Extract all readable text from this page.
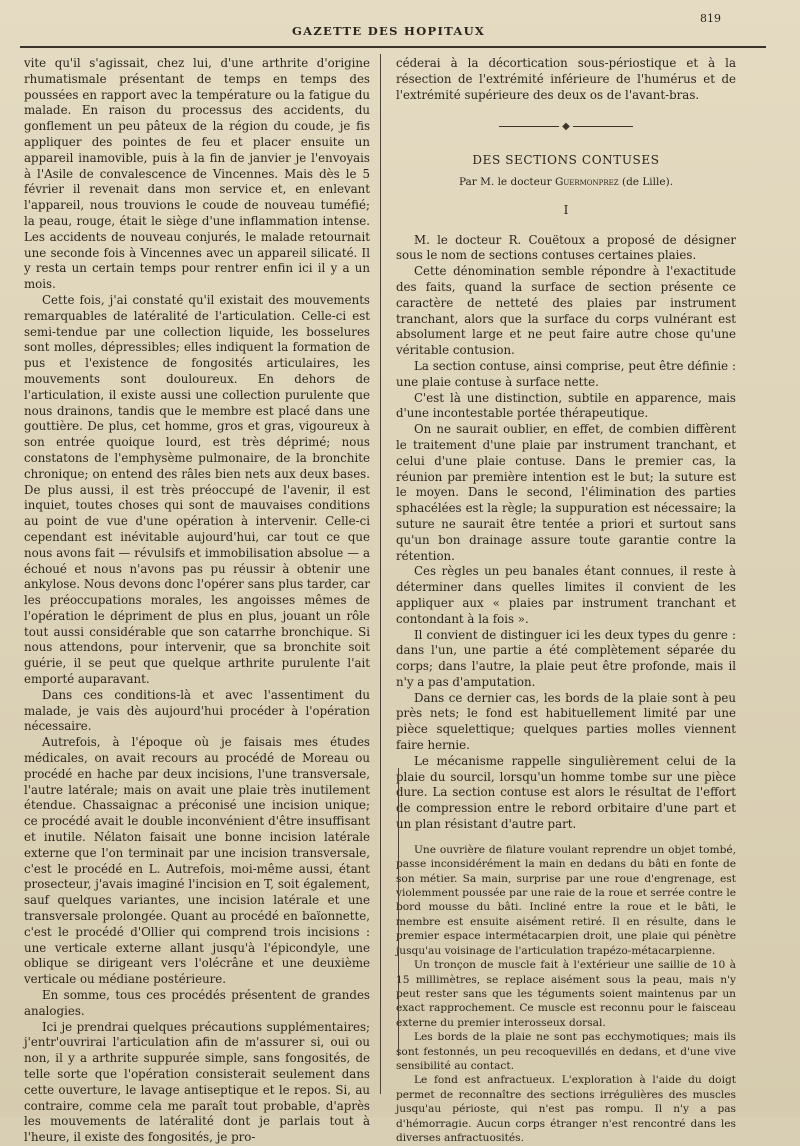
GAZETTE DES HOPITAUX
819

vite qu'il s'agissait, chez lui, d'une arthrite d'origine rhumatismale présentant de temps en temps des poussées en rapport avec la température ou la fatigue du malade. En raison du processus des accidents, du gonflement un peu pâteux de la région du coude, je fis appliquer des pointes de feu et placer ensuite un appareil inamovible, puis à la fin de janvier je l'envoyais à l'Asile de convalescence de Vincennes. Mais dès le 5 février il revenait dans mon service et, en enlevant l'appareil, nous trouvions le coude de nouveau tuméfié; la peau, rouge, était le siège d'une inflammation intense. Les accidents de nouveau conjurés, le malade retournait une seconde fois à Vincennes avec un appareil silicaté. Il y resta un certain temps pour rentrer enfin ici il y a un mois.

Cette fois, j'ai constaté qu'il existait des mouvements remarquables de latéralité de l'articulation. Celle-ci est semi-tendue par une collection liquide, les bosselures sont molles, dépressibles; elles indiquent la formation de pus et l'existence de fongosités articulaires, les mouvements sont douloureux. En dehors de l'articulation, il existe aussi une collection purulente que nous drainons, tandis que le membre est placé dans une gouttière. De plus, cet homme, gros et gras, vigoureux à son entrée quoique lourd, est très déprimé; nous constatons de l'emphysème pulmonaire, de la bronchite chronique; on entend des râles bien nets aux deux bases. De plus aussi, il est très préoccupé de l'avenir, il est inquiet, toutes choses qui sont de mauvaises conditions au point de vue d'une opération à intervenir. Celle-ci cependant est inévitable aujourd'hui, car tout ce que nous avons fait — révulsifs et immobilisation absolue — a échoué et nous n'avons pas pu réussir à obtenir une ankylose. Nous devons donc l'opérer sans plus tarder, car les préoccupations morales, les angoisses mêmes de l'opération le dépriment de plus en plus, jouant un rôle tout aussi considérable que son catarrhe bronchique. Si nous attendons, pour intervenir, que sa bronchite soit guérie, il se peut que quelque arthrite purulente l'ait emporté auparavant.

Dans ces conditions-là et avec l'assentiment du malade, je vais dès aujourd'hui procéder à l'opération nécessaire.

Autrefois, à l'époque où je faisais mes études médicales, on avait recours au procédé de Moreau ou procédé en hache par deux incisions, l'une transversale, l'autre latérale; mais on avait une plaie très inutilement étendue. Chassaignac a préconisé une incision unique; ce procédé avait le double inconvénient d'être insuffisant et inutile. Nélaton faisait une bonne incision latérale externe que l'on terminait par une incision transversale, c'est le procédé en L. Autrefois, moi-même aussi, étant prosecteur, j'avais imaginé l'incision en T, soit également, sauf quelques variantes, une incision latérale et une transversale prolongée. Quant au procédé en baïonnette, c'est le procédé d'Ollier qui comprend trois incisions : une verticale externe allant jusqu'à l'épicondyle, une oblique se dirigeant vers l'olécrâne et une deuxième verticale ou médiane postérieure.

En somme, tous ces procédés présentent de grandes analogies.

Ici je prendrai quelques précautions supplémentaires; j'entr'ouvrirai l'articulation afin de m'assurer si, oui ou non, il y a arthrite suppurée simple, sans fongosités, de telle sorte que l'opération consisterait seulement dans cette ouverture, le lavage antiseptique et le repos. Si, au contraire, comme cela me paraît tout probable, d'après les mouvements de latéralité dont je parlais tout à l'heure, il existe des fongosités, je pro-

céderai à la décortication sous-périostique et à la résection de l'extrémité inférieure de l'humérus et de l'extrémité supérieure des deux os de l'avant-bras.

◆
DES SECTIONS CONTUSES
Par M. le docteur Guermonprez (de Lille).
I

M. le docteur R. Couëtoux a proposé de désigner sous le nom de sections contuses certaines plaies.

Cette dénomination semble répondre à l'exactitude des faits, quand la surface de section présente ce caractère de netteté des plaies par instrument tranchant, alors que la surface du corps vulnérant est absolument large et ne peut faire autre chose qu'une véritable contusion.

La section contuse, ainsi comprise, peut être définie : une plaie contuse à surface nette.

C'est là une distinction, subtile en apparence, mais d'une incontestable portée thérapeutique.

On ne saurait oublier, en effet, de combien diffèrent le traitement d'une plaie par instrument tranchant, et celui d'une plaie contuse. Dans le premier cas, la réunion par première intention est le but; la suture est le moyen. Dans le second, l'élimination des parties sphacélées est la règle; la suppuration est nécessaire; la suture ne saurait être tentée a priori et surtout sans qu'un bon drainage assure toute garantie contre la rétention.

Ces règles un peu banales étant connues, il reste à déterminer dans quelles limites il convient de les appliquer aux « plaies par instrument tranchant et contondant à la fois ».

Il convient de distinguer ici les deux types du genre : dans l'un, une partie a été complètement séparée du corps; dans l'autre, la plaie peut être profonde, mais il n'y a pas d'amputation.

Dans ce dernier cas, les bords de la plaie sont à peu près nets; le fond est habituellement limité par une pièce squelettique; quelques parties molles viennent faire hernie.

Le mécanisme rappelle singulièrement celui de la plaie du sourcil, lorsqu'un homme tombe sur une pièce dure. La section contuse est alors le résultat de l'effort de compression entre le rebord orbitaire d'une part et un plan résistant d'autre part.

Une ouvrière de filature voulant reprendre un objet tombé, passe inconsidérément la main en dedans du bâti en fonte de son métier. Sa main, surprise par une roue d'engrenage, est violemment poussée par une raie de la roue et serrée contre le bord mousse du bâti. Incliné entre la roue et le bâti, le membre est ensuite aisément retiré. Il en résulte, dans le premier espace intermétacarpien droit, une plaie qui pénètre jusqu'au voisinage de l'articulation trapézo-métacarpienne.

Un tronçon de muscle fait à l'extérieur une saillie de 10 à 15 millimètres, se replace aisément sous la peau, mais n'y peut rester sans que les téguments soient maintenus par un exact rapprochement. Ce muscle est reconnu pour le faisceau externe du premier interosseux dorsal.

Les bords de la plaie ne sont pas ecchymotiques; mais ils sont festonnés, un peu recoquevillés en dedans, et d'une vive sensibilité au contact.

Le fond est anfractueux. L'exploration à l'aide du doigt permet de reconnaître des sections irrégulières des muscles jusqu'au périoste, qui n'est pas rompu. Il n'y a pas d'hémorragie. Aucun corps étranger n'est rencontré dans les diverses anfractuosités.
